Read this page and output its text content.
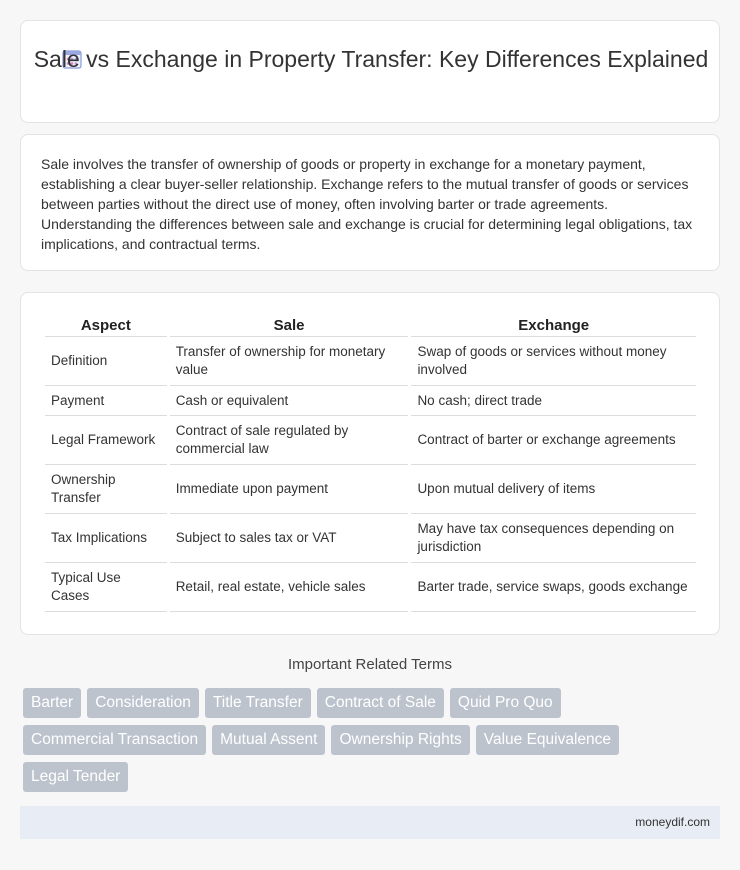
Sale vs Exchange in Property Transfer: Key Differences Explained

Sale involves the transfer of ownership of goods or property in exchange for a monetary payment, establishing a clear buyer-seller relationship. Exchange refers to the mutual transfer of goods or services between parties without the direct use of money, often involving barter or trade agreements. Understanding the differences between sale and exchange is crucial for determining legal obligations, tax implications, and contractual terms.

Aspect	Sale	Exchange
Definition	Transfer of ownership for monetary value	Swap of goods or services without money involved
Payment	Cash or equivalent	No cash; direct trade
Legal Framework	Contract of sale regulated by commercial law	Contract of barter or exchange agreements
Ownership Transfer	Immediate upon payment	Upon mutual delivery of items
Tax Implications	Subject to sales tax or VAT	May have tax consequences depending on jurisdiction
Typical Use Cases	Retail, real estate, vehicle sales	Barter trade, service swaps, goods exchange
Important Related Terms
Barter	Consideration	Title Transfer	Contract of Sale	Quid Pro Quo
Commercial Transaction	Mutual Assent	Ownership Rights	Value Equivalence
Legal Tender
moneydif.com
